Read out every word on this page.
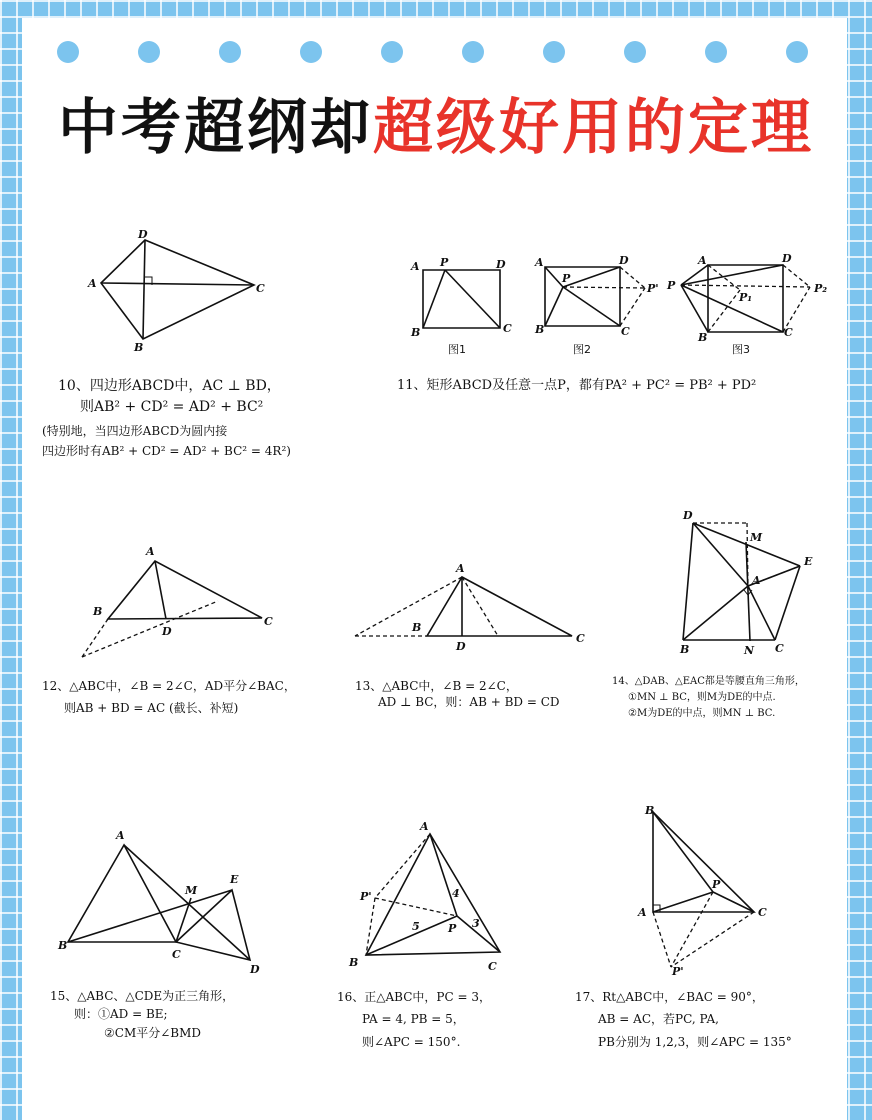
中考超纲却超级好用的定理
D
A	C
B
A P	D
B	C
图1
A
P
D
P'
B	C
图2
P
A	D
P₁
P₂
B	C
图3
A
B
D
C
A
B
D
C
D
M
E
A
B	N C
A
M
E
B
C
D
A
P'	4
3
5	P
B	C
B
P
A	C
P'
10、四边形ABCD中，AC ⊥ BD，
则AB² + CD² = AD² + BC²
(特别地，当四边形ABCD为圆内接
四边形时有AB² + CD² = AD² + BC² = 4R²)
11、矩形ABCD及任意一点P，都有PA² + PC² = PB² + PD²
12、△ABC中，∠B = 2∠C，AD平分∠BAC，
则AB + BD = AC (截长、补短)
13、△ABC中，∠B = 2∠C，
AD ⊥ BC，则：AB + BD = CD
14、△DAB、△EAC都是等腰直角三角形，
①MN ⊥ BC，则M为DE的中点.
②M为DE的中点，则MN ⊥ BC.
15、△ABC、△CDE为正三角形，
则：①AD = BE;
②CM平分∠BMD
16、正△ABC中，PC = 3，
PA = 4, PB = 5，
则∠APC = 150°.
17、Rt△ABC中，∠BAC = 90°，
AB = AC，若PC, PA,
PB分别为 1,2,3，则∠APC = 135°
